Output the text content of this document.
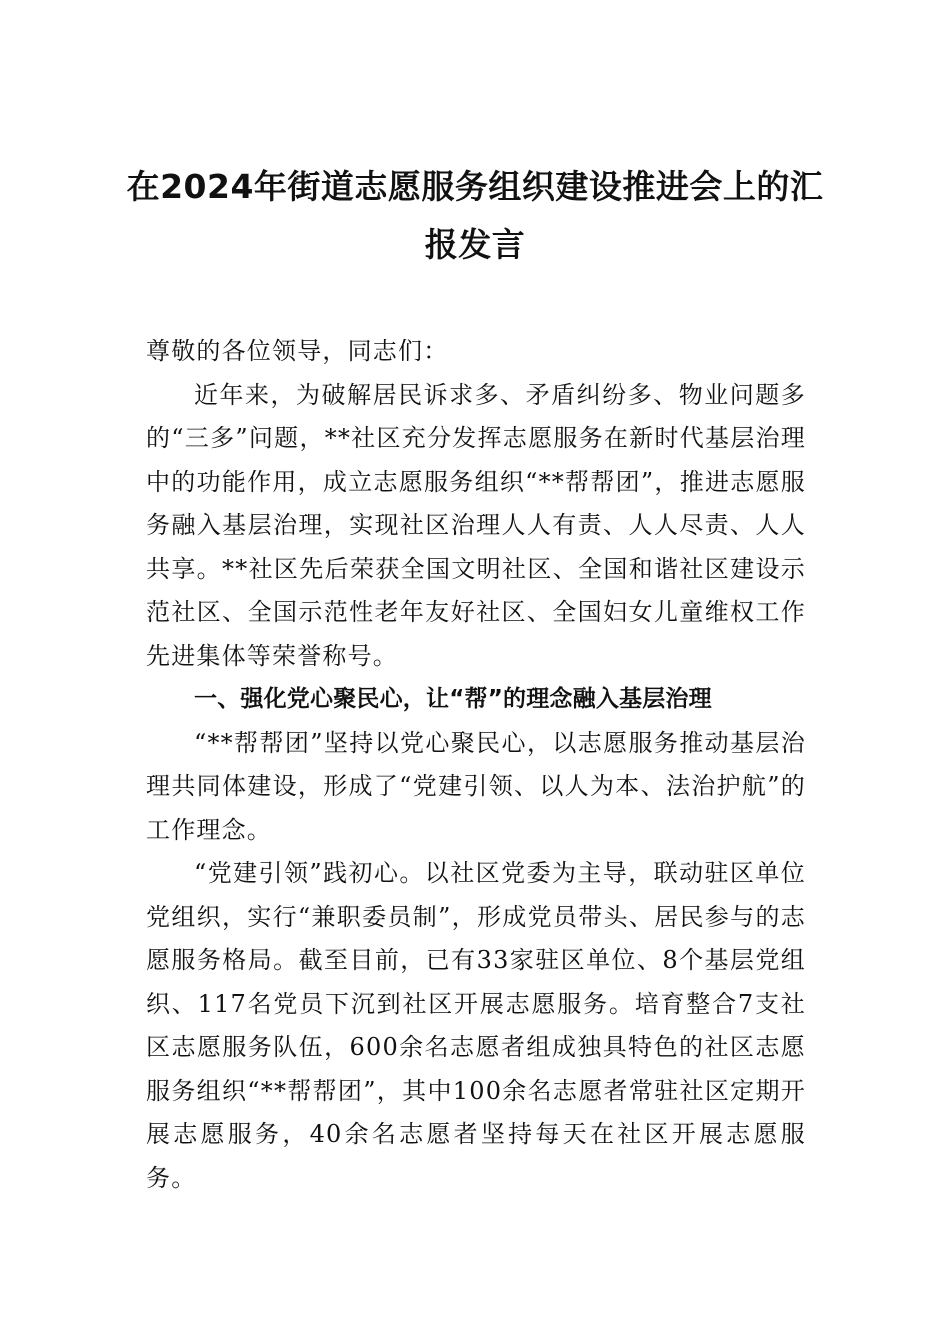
在2024年街道志愿服务组织建设推进会上的汇报发言

尊敬的各位领导，同志们：

近年来，为破解居民诉求多、矛盾纠纷多、物业问题多的“三多”问题，**社区充分发挥志愿服务在新时代基层治理中的功能作用，成立志愿服务组织“**帮帮团”，推进志愿服务融入基层治理，实现社区治理人人有责、人人尽责、人人共享。**社区先后荣获全国文明社区、全国和谐社区建设示范社区、全国示范性老年友好社区、全国妇女儿童维权工作先进集体等荣誉称号。

一、强化党心聚民心，让“帮”的理念融入基层治理

“**帮帮团”坚持以党心聚民心，以志愿服务推动基层治理共同体建设，形成了“党建引领、以人为本、法治护航”的工作理念。

“党建引领”践初心。以社区党委为主导，联动驻区单位党组织，实行“兼职委员制”，形成党员带头、居民参与的志愿服务格局。截至目前，已有33家驻区单位、8个基层党组织、117名党员下沉到社区开展志愿服务。培育整合7支社区志愿服务队伍，600余名志愿者组成独具特色的社区志愿服务组织“**帮帮团”，其中100余名志愿者常驻社区定期开展志愿服务，40余名志愿者坚持每天在社区开展志愿服务。
